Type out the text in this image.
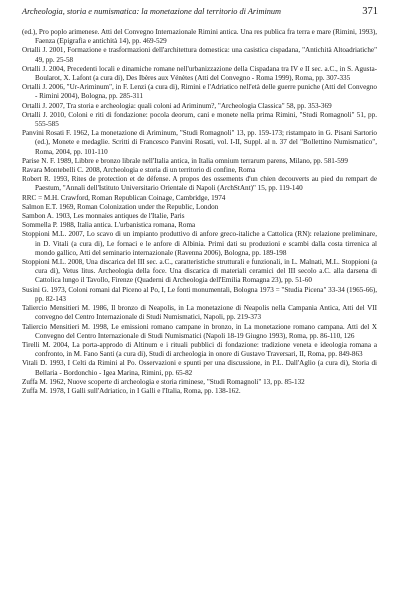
Archeologia, storia e numismatica: la monetazione dal territorio di Ariminum	371

(ed.), Pro poplo arimenese. Atti del Convegno Internazionale Rimini antica. Una res publica fra terra e mare (Rimini, 1993), Faenza (Epigrafia e antichità 14), pp. 469-529

Ortalli J. 2001, Formazione e trasformazioni dell'architettura domestica: una casistica cispadana, "Antichità Altoadriatiche" 49, pp. 25-58

Ortalli J. 2004, Precedenti locali e dinamiche romane nell'urbanizzazione della Cispadana tra IV e II sec. a.C., in S. Agusta-Boularot, X. Lafont (a cura di), Des Ibères aux Vénètes (Atti del Convegno - Roma 1999), Roma, pp. 307-335

Ortalli J. 2006, "Ur-Ariminum", in F. Lenzi (a cura di), Rimini e l'Adriatico nell'età delle guerre puniche (Atti del Convegno - Rimini 2004), Bologna, pp. 285-311

Ortalli J. 2007, Tra storia e archeologia: quali coloni ad Ariminum?, "Archeologia Classica" 58, pp. 353-369

Ortalli J. 2010, Coloni e riti di fondazione: pocola deorum, cani e monete nella prima Rimini, "Studi Romagnoli" 51, pp. 555-585

Panvini Rosati F. 1962, La monetazione di Ariminum, "Studi Romagnoli" 13, pp. 159-173; ristampato in G. Pisani Sartorio (ed.), Monete e medaglie. Scritti di Francesco Panvini Rosati, vol. I-II, Suppl. al n. 37 del "Bollettino Numismatico", Roma, 2004, pp. 101-110

Parise N. F. 1989, Libbre e bronzo librale nell'Italia antica, in Italia omnium terrarum parens, Milano, pp. 581-599

Ravara Montebelli C. 2008, Archeologia e storia di un territorio di confine, Roma

Robert R. 1993, Rites de protection et de défense. A propos des ossements d'un chien decouverts au pied du rempart de Paestum, "Annali dell'Istituto Universitario Orientale di Napoli (ArchStAnt)" 15, pp. 119-140

RRC = M.H. Crawford, Roman Republican Coinage, Cambridge, 1974

Salmon E.T. 1969, Roman Colonization under the Republic, London

Sambon A. 1903, Les monnaies antiques de l'Italie, Paris

Sommella P. 1988, Italia antica. L'urbanistica romana, Roma

Stoppioni M.L. 2007, Lo scavo di un impianto produttivo di anfore greco-italiche a Cattolica (RN): relazione preliminare, in D. Vitali (a cura di), Le fornaci e le anfore di Albinia. Primi dati su produzioni e scambi dalla costa tirrenica al mondo gallico, Atti del seminario internazionale (Ravenna 2006), Bologna, pp. 189-198

Stoppioni M.L. 2008, Una discarica del III sec. a.C., caratteristiche strutturali e funzionali, in L. Malnati, M.L. Stoppioni (a cura di), Vetus litus. Archeologia della foce. Una discarica di materiali ceramici del III secolo a.C. alla darsena di Cattolica lungo il Tavollo, Firenze (Quaderni di Archeologia dell'Emilia Romagna 23), pp. 51-60

Susini G. 1973, Coloni romani dal Piceno al Po, I, Le fonti monumentali, Bologna 1973 = "Studia Picena" 33-34 (1965-66), pp. 82-143

Taliercio Mensitieri M. 1986, Il bronzo di Neapolis, in La monetazione di Neapolis nella Campania Antica, Atti del VII convegno del Centro Internazionale di Studi Numismatici, Napoli, pp. 219-373

Taliercio Mensitieri M. 1998, Le emissioni romano campane in bronzo, in La monetazione romano campana. Atti del X Convegno del Centro Internazionale di Studi Numismatici (Napoli 18-19 Giugno 1993), Roma, pp. 86-110, 126

Tirelli M. 2004, La porta-approdo di Altinum e i rituali pubblici di fondazione: tradizione veneta e ideologia romana a confronto, in M. Fano Santi (a cura di), Studi di archeologia in onore di Gustavo Traversari, II, Roma, pp. 849-863

Vitali D. 1993, I Celti da Rimini al Po. Osservazioni e spunti per una discussione, in P.L. Dall'Aglio (a cura di), Storia di Bellaria - Bordonchio - Igea Marina, Rimini, pp. 65-82

Zuffa M. 1962, Nuove scoperte di archeologia e storia riminese, "Studi Romagnoli" 13, pp. 85-132

Zuffa M. 1978, I Galli sull'Adriatico, in I Galli e l'Italia, Roma, pp. 138-162.
